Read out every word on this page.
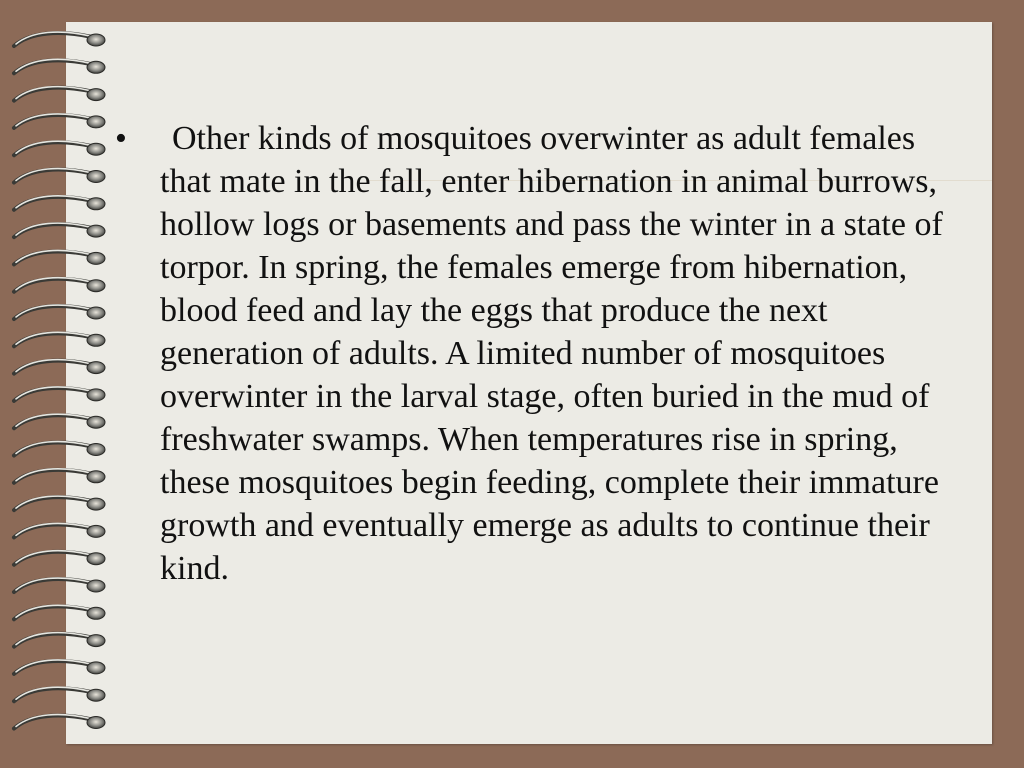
•	Other kinds of mosquitoes overwinter as adult females that mate in the fall, enter hibernation in animal burrows, hollow logs or basements and pass the winter in a state of torpor. In spring, the females emerge from hibernation, blood feed and lay the eggs that produce the next generation of adults. A limited number of mosquitoes overwinter in the larval stage, often buried in the mud of freshwater swamps. When temperatures rise in spring, these mosquitoes begin feeding, complete their immature growth and eventually emerge as adults to continue their kind.
